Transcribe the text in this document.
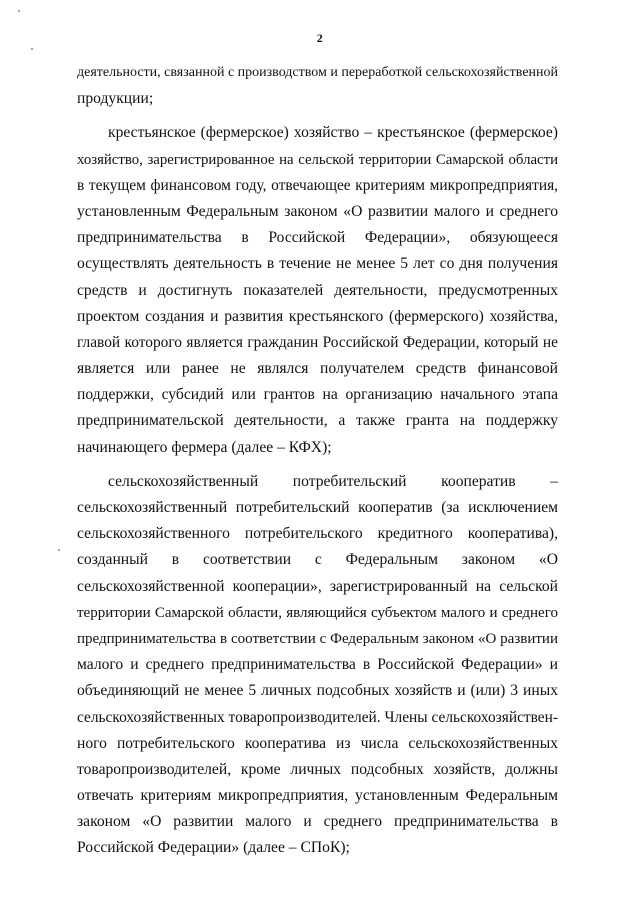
2
деятельности, связанной с производством и переработкой сельскохозяйственной
продукции;
крестьянское (фермерское) хозяйство – крестьянское (фермерское)
хозяйство, зарегистрированное на сельской территории Самарской области
в текущем финансовом году, отвечающее критериям микропредприятия,
установленным Федеральным законом «О развитии малого и среднего
предпринимательства в Российской Федерации», обязующееся
осуществлять деятельность в течение не менее 5 лет со дня получения
средств и достигнуть показателей деятельности, предусмотренных
проектом создания и развития крестьянского (фермерского) хозяйства,
главой которого является гражданин Российской Федерации, который не
является или ранее не являлся получателем средств финансовой
поддержки, субсидий или грантов на организацию начального этапа
предпринимательской деятельности, а также гранта на поддержку
начинающего фермера (далее – КФХ);
сельскохозяйственный потребительский кооператив –
сельскохозяйственный потребительский кооператив (за исключением
сельскохозяйственного потребительского кредитного кооператива),
созданный в соответствии с Федеральным законом «О
сельскохозяйственной кооперации», зарегистрированный на сельской
территории Самарской области, являющийся субъектом малого и среднего
предпринимательства в соответствии с Федеральным законом «О развитии
малого и среднего предпринимательства в Российской Федерации» и
объединяющий не менее 5 личных подсобных хозяйств и (или) 3 иных
сельскохозяйственных товаропроизводителей. Члены сельскохозяйствен-
ного потребительского кооператива из числа сельскохозяйственных
товаропроизводителей, кроме личных подсобных хозяйств, должны
отвечать критериям микропредприятия, установленным Федеральным
законом «О развитии малого и среднего предпринимательства в
Российской Федерации» (далее – СПоК);
